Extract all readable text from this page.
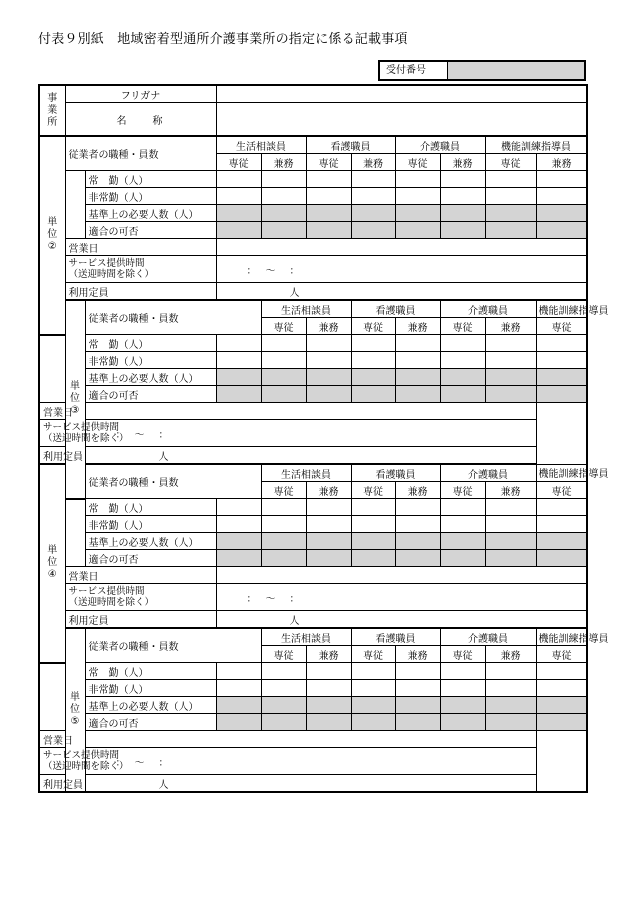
付表９別紙　地域密着型通所介護事業所の指定に係る記載事項
受付番号
事
業
所	フリガナ										
	名　　称										

単
位
②	従業者の職種・員数		生活相談員		看護職員		介護職員		機能訓練指導員		
			専従	兼務	専従	兼務	専従	兼務	専従	兼務	
		常　勤（人）									
		非常勤（人）									
		基準上の必要人数（人）									
		適合の可否									
	営業日										

	サービス提供時間
（送迎時間を除く）		：　〜　：								
	利用定員		人								

	単
位
③	従業者の職種・員数		生活相談員		看護職員		介護職員		機能訓練指導員	
				専従	兼務	専従	兼務	専従	兼務	専従	
		常　勤（人）									
		非常勤（人）									
		基準上の必要人数（人）									
		適合の可否									
営業日											

サービス提供時間
（送迎時間を除く）		：　〜　：									
利用定員		人									

単
位
④		従業者の職種・員数		生活相談員		看護職員		介護職員		機能訓練指導員	
				専従	兼務	専従	兼務	専従	兼務	専従	
		常　勤（人）									
		非常勤（人）									
		基準上の必要人数（人）									
		適合の可否									
	営業日										

	サービス提供時間
（送迎時間を除く）		：　〜　：								
	利用定員		人								

	単
位
⑤	従業者の職種・員数		生活相談員		看護職員		介護職員		機能訓練指導員	
				専従	兼務	専従	兼務	専従	兼務	専従	
		常　勤（人）									
		非常勤（人）									
		基準上の必要人数（人）									
		適合の可否									
営業日											

サービス提供時間
（送迎時間を除く）		：　〜　：									
利用定員		人									
